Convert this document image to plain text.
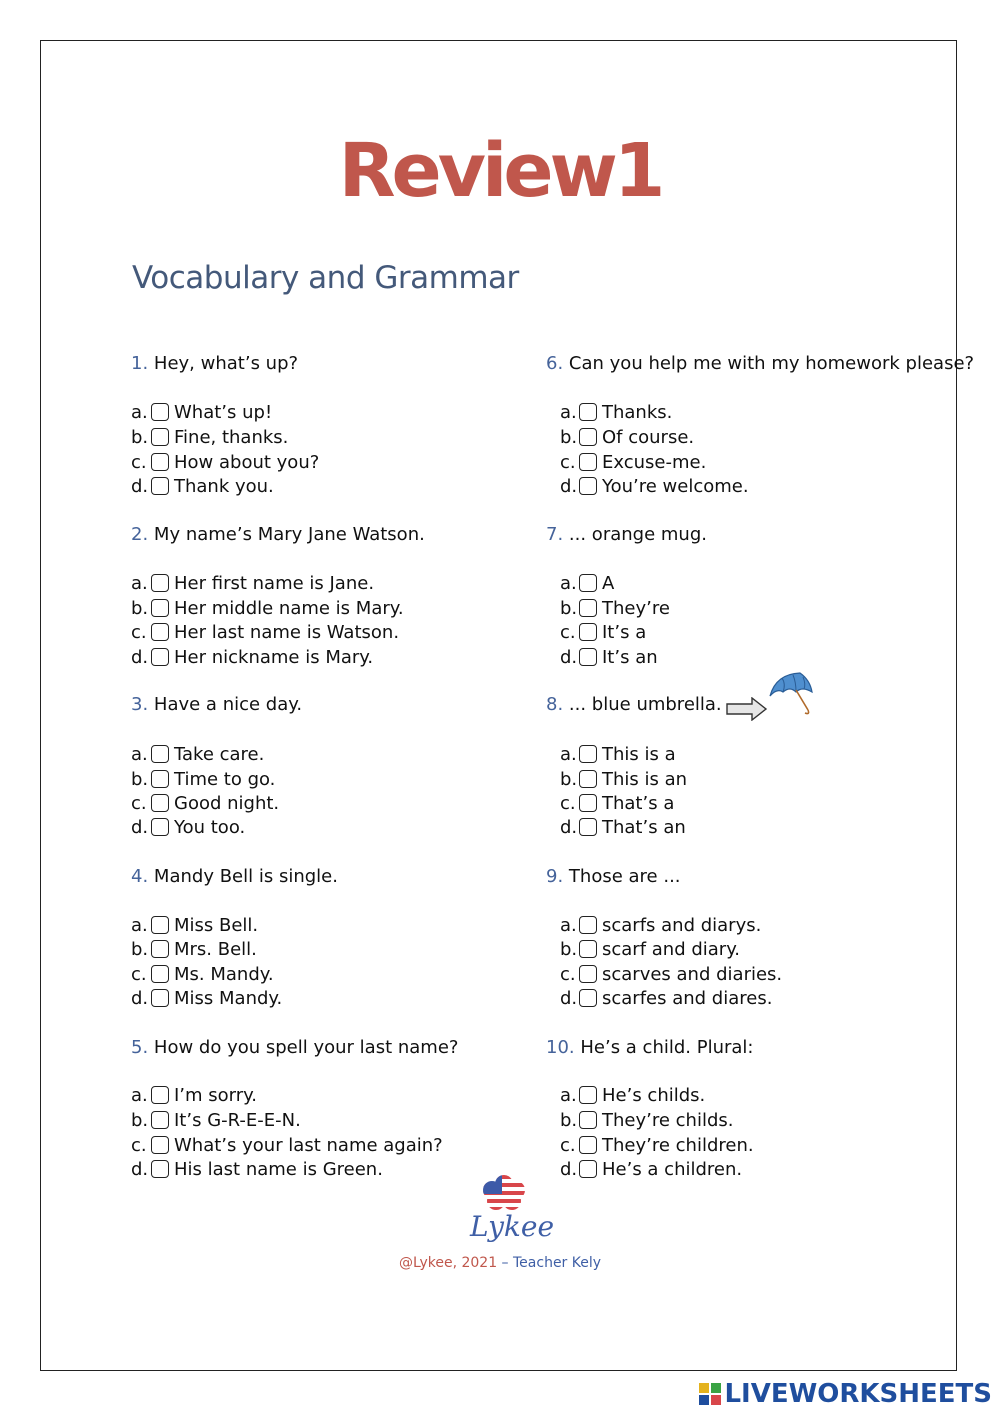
Review1
Vocabulary and Grammar
1. Hey, what’s up?
a. What’s up!
b. Fine, thanks.
c. How about you?
d. Thank you.
2. My name’s Mary Jane Watson.
a. Her first name is Jane.
b. Her middle name is Mary.
c. Her last name is Watson.
d. Her nickname is Mary.
3. Have a nice day.
a. Take care.
b. Time to go.
c. Good night.
d. You too.
4. Mandy Bell is single.
a. Miss Bell.
b. Mrs. Bell.
c. Ms. Mandy.
d. Miss Mandy.
5. How do you spell your last name?
a. I’m sorry.
b. It’s G-R-E-E-N.
c. What’s your last name again?
d. His last name is Green.
6. Can you help me with my homework please?
a. Thanks.
b. Of course.
c. Excuse-me.
d. You’re welcome.
7. ... orange mug.
a. A
b. They’re
c. It’s a
d. It’s an
8. ... blue umbrella.
a. This is a
b. This is an
c. That’s a
d. That’s an
9. Those are ...
a. scarfs and diarys.
b. scarf and diary.
c. scarves and diaries.
d. scarfes and diares.
10. He’s a child. Plural:
a. He’s childs.
b. They’re childs.
c. They’re children.
d. He’s a children.
Lykee
@Lykee, 2021 – Teacher Kely
LIVEWORKSHEETS
